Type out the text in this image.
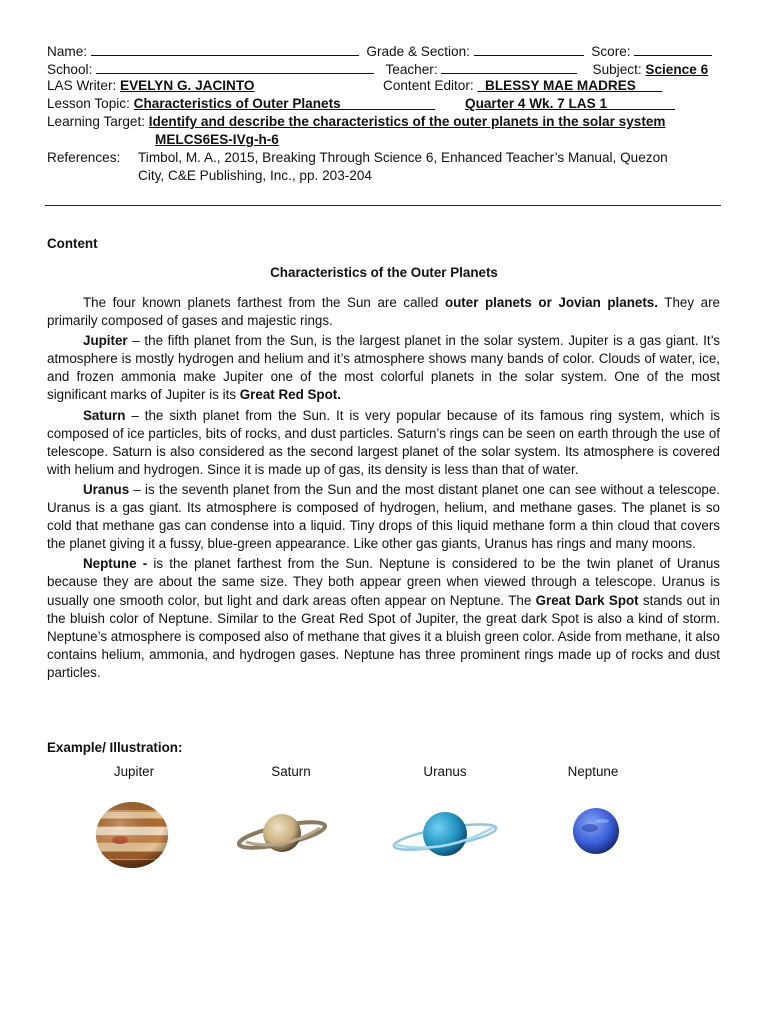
Name:	Grade & Section:	Score:
School:	Teacher:	Subject: Science 6
LAS Writer: EVELYN G. JACINTO	Content Editor: _BLESSY MAE MADRES
Lesson Topic: Characteristics of Outer Planets	Quarter 4 Wk. 7 LAS 1
Learning Target: Identify and describe the characteristics of the outer planets in the solar system
MELCS6ES-IVg-h-6
References: Timbol, M. A., 2015, Breaking Through Science 6, Enhanced Teacher’s Manual, Quezon
City, C&E Publishing, Inc., pp. 203-204
Content
Characteristics of the Outer Planets

The four known planets farthest from the Sun are called outer planets or Jovian planets. They are primarily composed of gases and majestic rings.

Jupiter – the fifth planet from the Sun, is the largest planet in the solar system. Jupiter is a gas giant. It’s atmosphere is mostly hydrogen and helium and it’s atmosphere shows many bands of color. Clouds of water, ice, and frozen ammonia make Jupiter one of the most colorful planets in the solar system. One of the most significant marks of Jupiter is its Great Red Spot.

Saturn – the sixth planet from the Sun. It is very popular because of its famous ring system, which is composed of ice particles, bits of rocks, and dust particles. Saturn’s rings can be seen on earth through the use of telescope. Saturn is also considered as the second largest planet of the solar system. Its atmosphere is covered with helium and hydrogen. Since it is made up of gas, its density is less than that of water.

Uranus – is the seventh planet from the Sun and the most distant planet one can see without a telescope. Uranus is a gas giant. Its atmosphere is composed of hydrogen, helium, and methane gases. The planet is so cold that methane gas can condense into a liquid. Tiny drops of this liquid methane form a thin cloud that covers the planet giving it a fussy, blue-green appearance. Like other gas giants, Uranus has rings and many moons.

Neptune - is the planet farthest from the Sun. Neptune is considered to be the twin planet of Uranus because they are about the same size. They both appear green when viewed through a telescope. Uranus is usually one smooth color, but light and dark areas often appear on Neptune. The Great Dark Spot stands out in the bluish color of Neptune. Similar to the Great Red Spot of Jupiter, the great dark Spot is also a kind of storm. Neptune’s atmosphere is composed also of methane that gives it a bluish green color. Aside from methane, it also contains helium, ammonia, and hydrogen gases. Neptune has three prominent rings made up of rocks and dust particles.

Example/ Illustration:
Jupiter	Saturn	Uranus	Neptune
